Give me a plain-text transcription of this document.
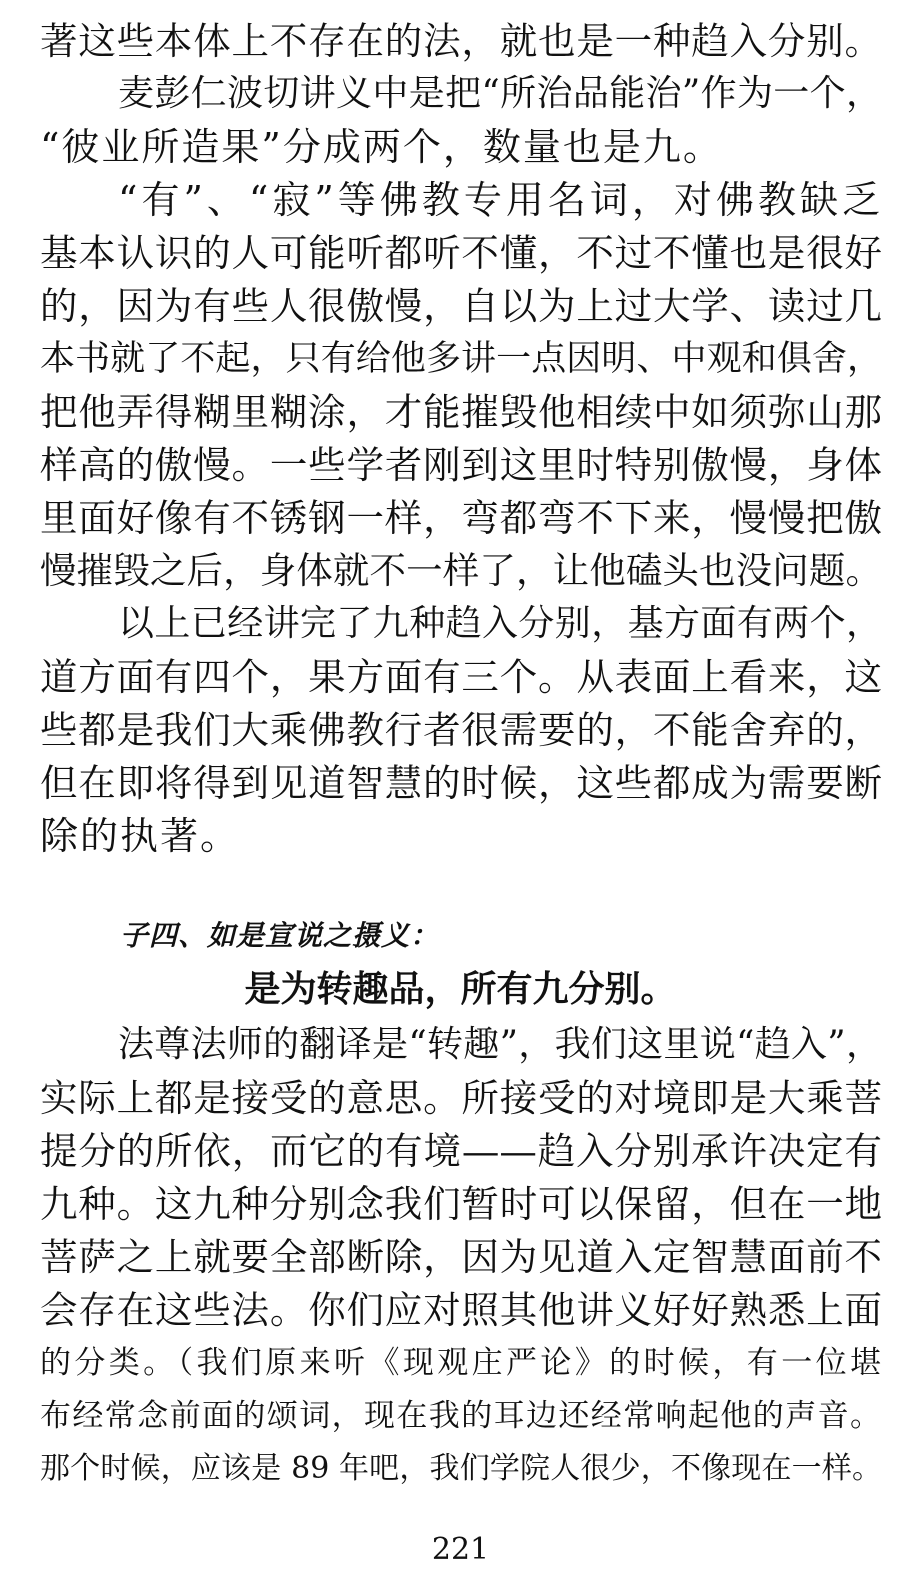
著这些本体上不存在的法，就也是一种趋入分别。
麦彭仁波切讲义中是把“所治品能治”作为一个，
“彼业所造果”分成两个，数量也是九。
“有”、“寂”等佛教专用名词，对佛教缺乏
基本认识的人可能听都听不懂，不过不懂也是很好
的，因为有些人很傲慢，自以为上过大学、读过几
本书就了不起，只有给他多讲一点因明、中观和俱舍，
把他弄得糊里糊涂，才能摧毁他相续中如须弥山那
样高的傲慢。一些学者刚到这里时特别傲慢，身体
里面好像有不锈钢一样，弯都弯不下来，慢慢把傲
慢摧毁之后，身体就不一样了，让他磕头也没问题。
以上已经讲完了九种趋入分别，基方面有两个，
道方面有四个，果方面有三个。从表面上看来，这
些都是我们大乘佛教行者很需要的，不能舍弃的，
但在即将得到见道智慧的时候，这些都成为需要断
除的执著。
子四、如是宣说之摄义：
是为转趣品，所有九分别。
法尊法师的翻译是“转趣”，我们这里说“趋入”，
实际上都是接受的意思。所接受的对境即是大乘菩
提分的所依，而它的有境——趋入分别承许决定有
九种。这九种分别念我们暂时可以保留，但在一地
菩萨之上就要全部断除，因为见道入定智慧面前不
会存在这些法。你们应对照其他讲义好好熟悉上面
的分类。（我们原来听《现观庄严论》的时候，有一位堪
布经常念前面的颂词，现在我的耳边还经常响起他的声音。
那个时候，应该是 89 年吧，我们学院人很少，不像现在一样。
221
